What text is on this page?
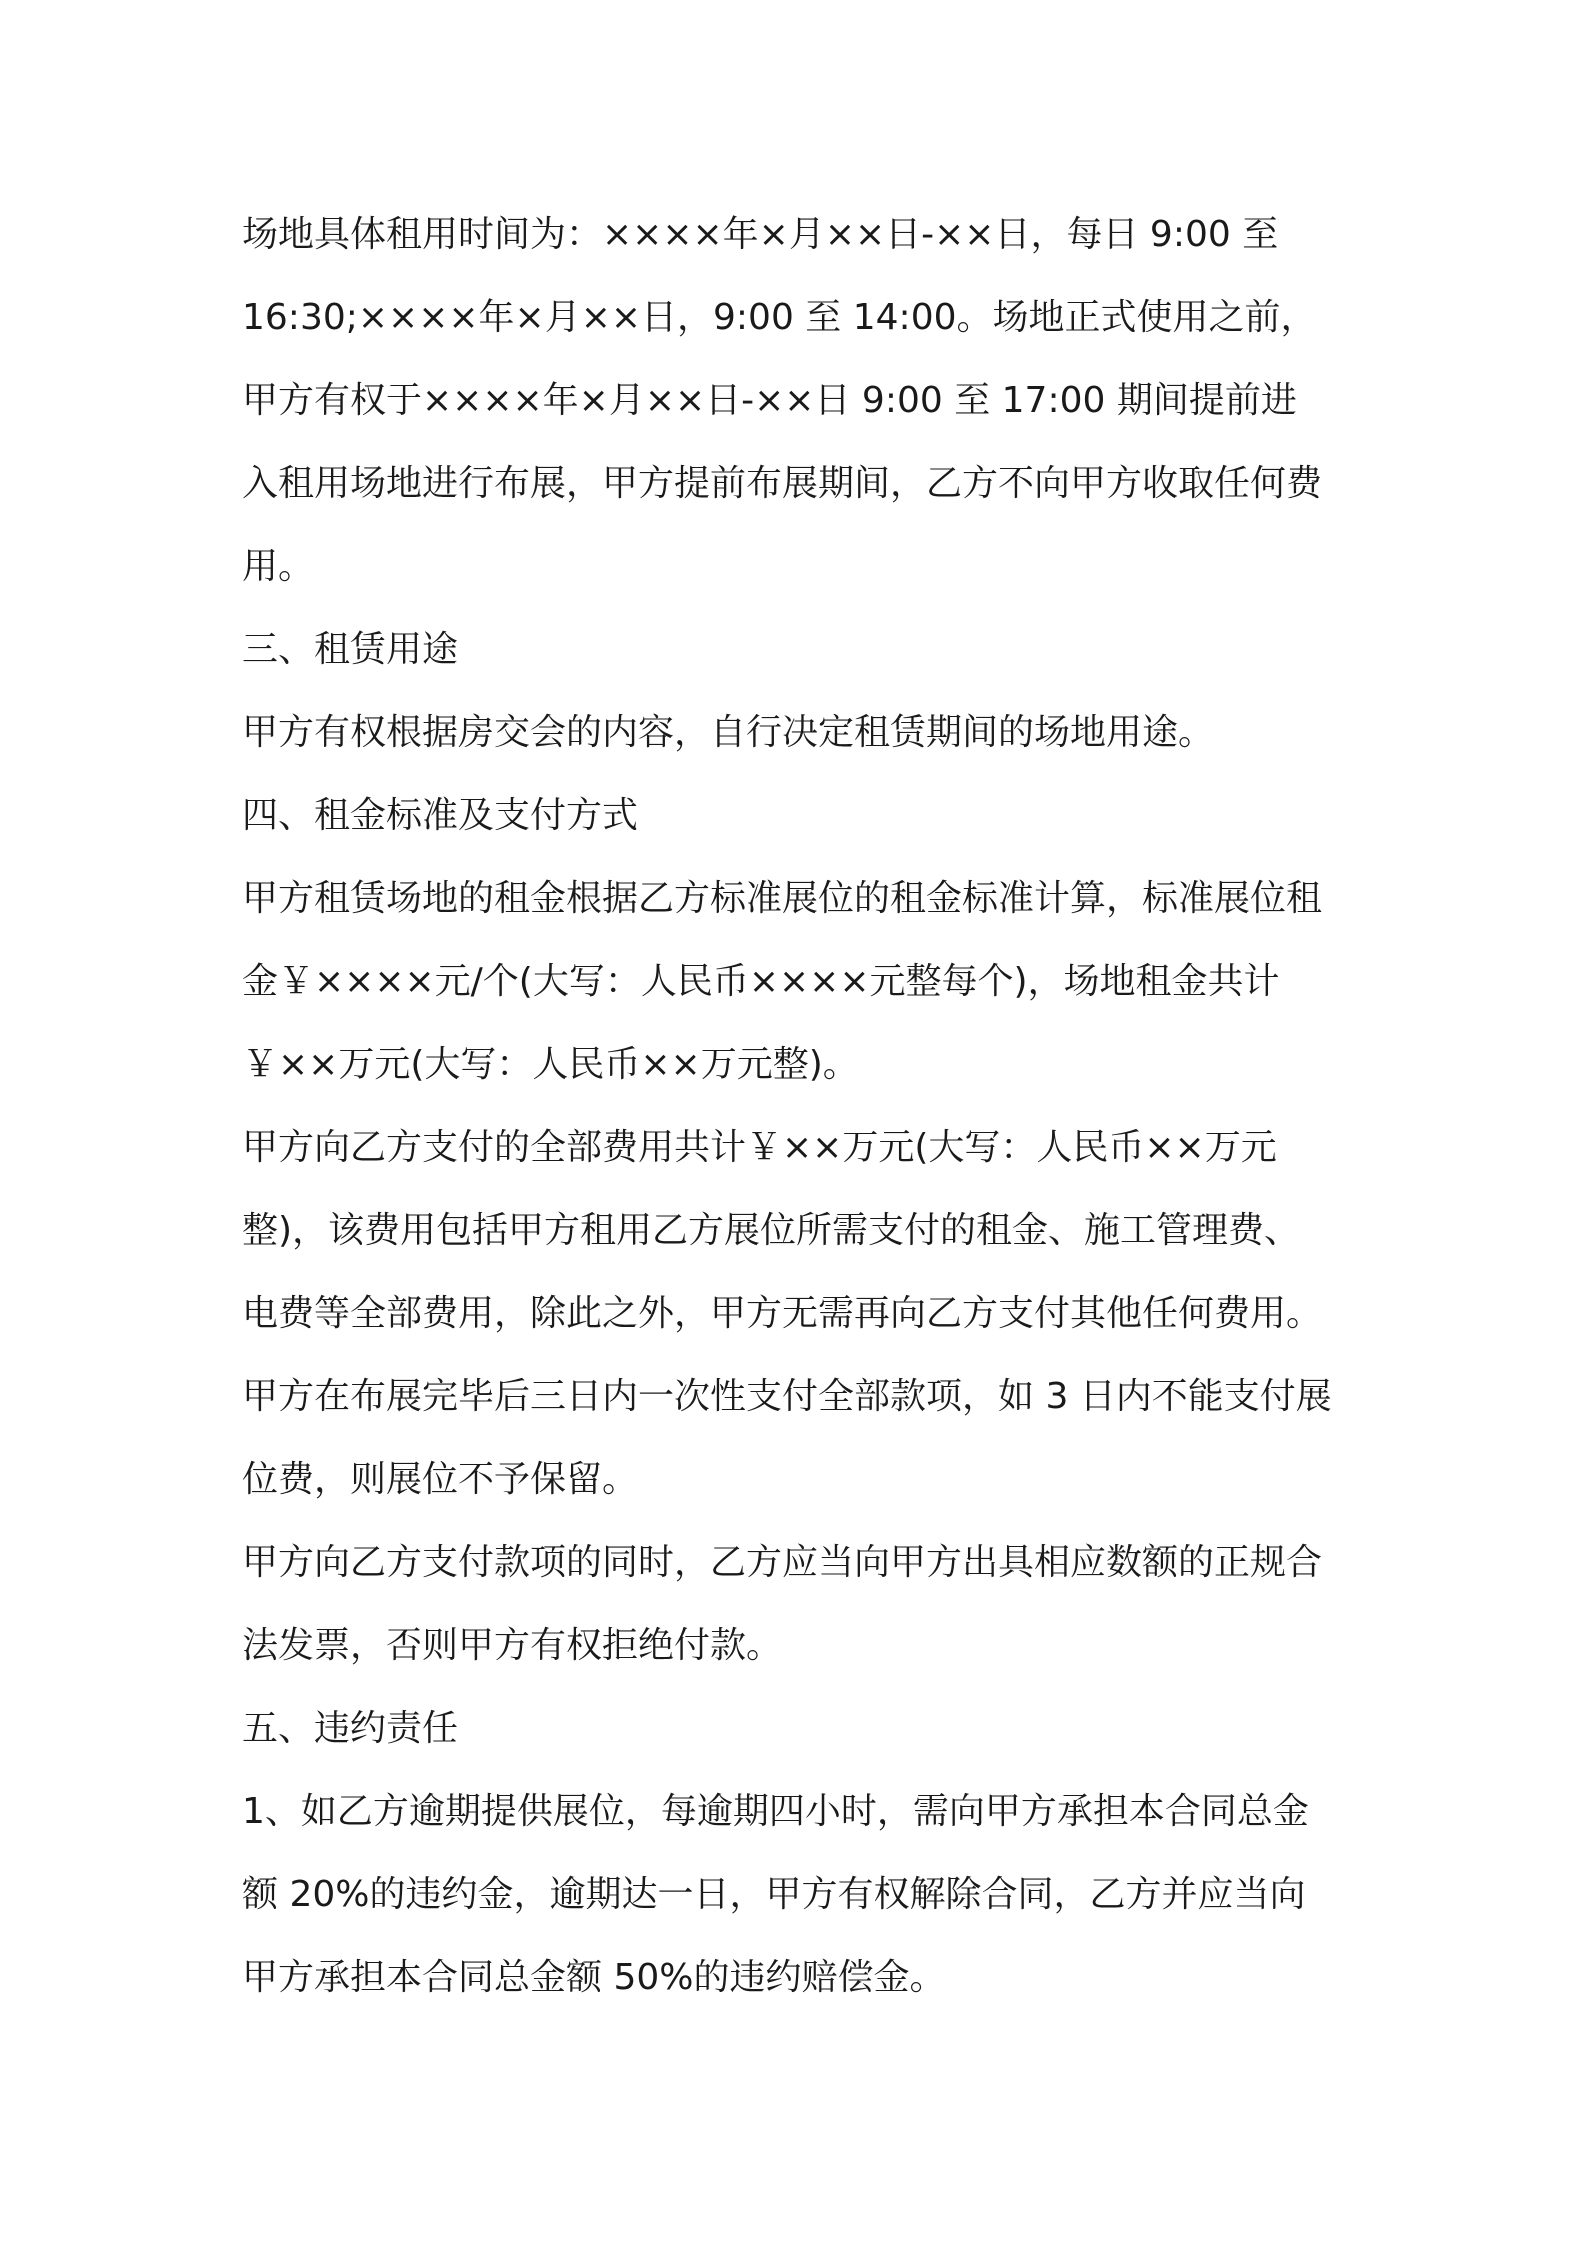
场地具体租用时间为：××××年×月××日-××日，每日 9:00 至
16:30;××××年×月××日，9:00 至 14:00。场地正式使用之前，
甲方有权于××××年×月××日-××日 9:00 至 17:00 期间提前进
入租用场地进行布展，甲方提前布展期间，乙方不向甲方收取任何费
用。
三、租赁用途
甲方有权根据房交会的内容，自行决定租赁期间的场地用途。
四、租金标准及支付方式
甲方租赁场地的租金根据乙方标准展位的租金标准计算，标准展位租
金￥××××元/个(大写：人民币××××元整每个)，场地租金共计
￥××万元(大写：人民币××万元整)。
甲方向乙方支付的全部费用共计￥××万元(大写：人民币××万元
整)，该费用包括甲方租用乙方展位所需支付的租金、施工管理费、
电费等全部费用，除此之外，甲方无需再向乙方支付其他任何费用。
甲方在布展完毕后三日内一次性支付全部款项，如 3 日内不能支付展
位费，则展位不予保留。
甲方向乙方支付款项的同时，乙方应当向甲方出具相应数额的正规合
法发票，否则甲方有权拒绝付款。
五、违约责任
1、如乙方逾期提供展位，每逾期四小时，需向甲方承担本合同总金
额 20%的违约金，逾期达一日，甲方有权解除合同，乙方并应当向
甲方承担本合同总金额 50%的违约赔偿金。
